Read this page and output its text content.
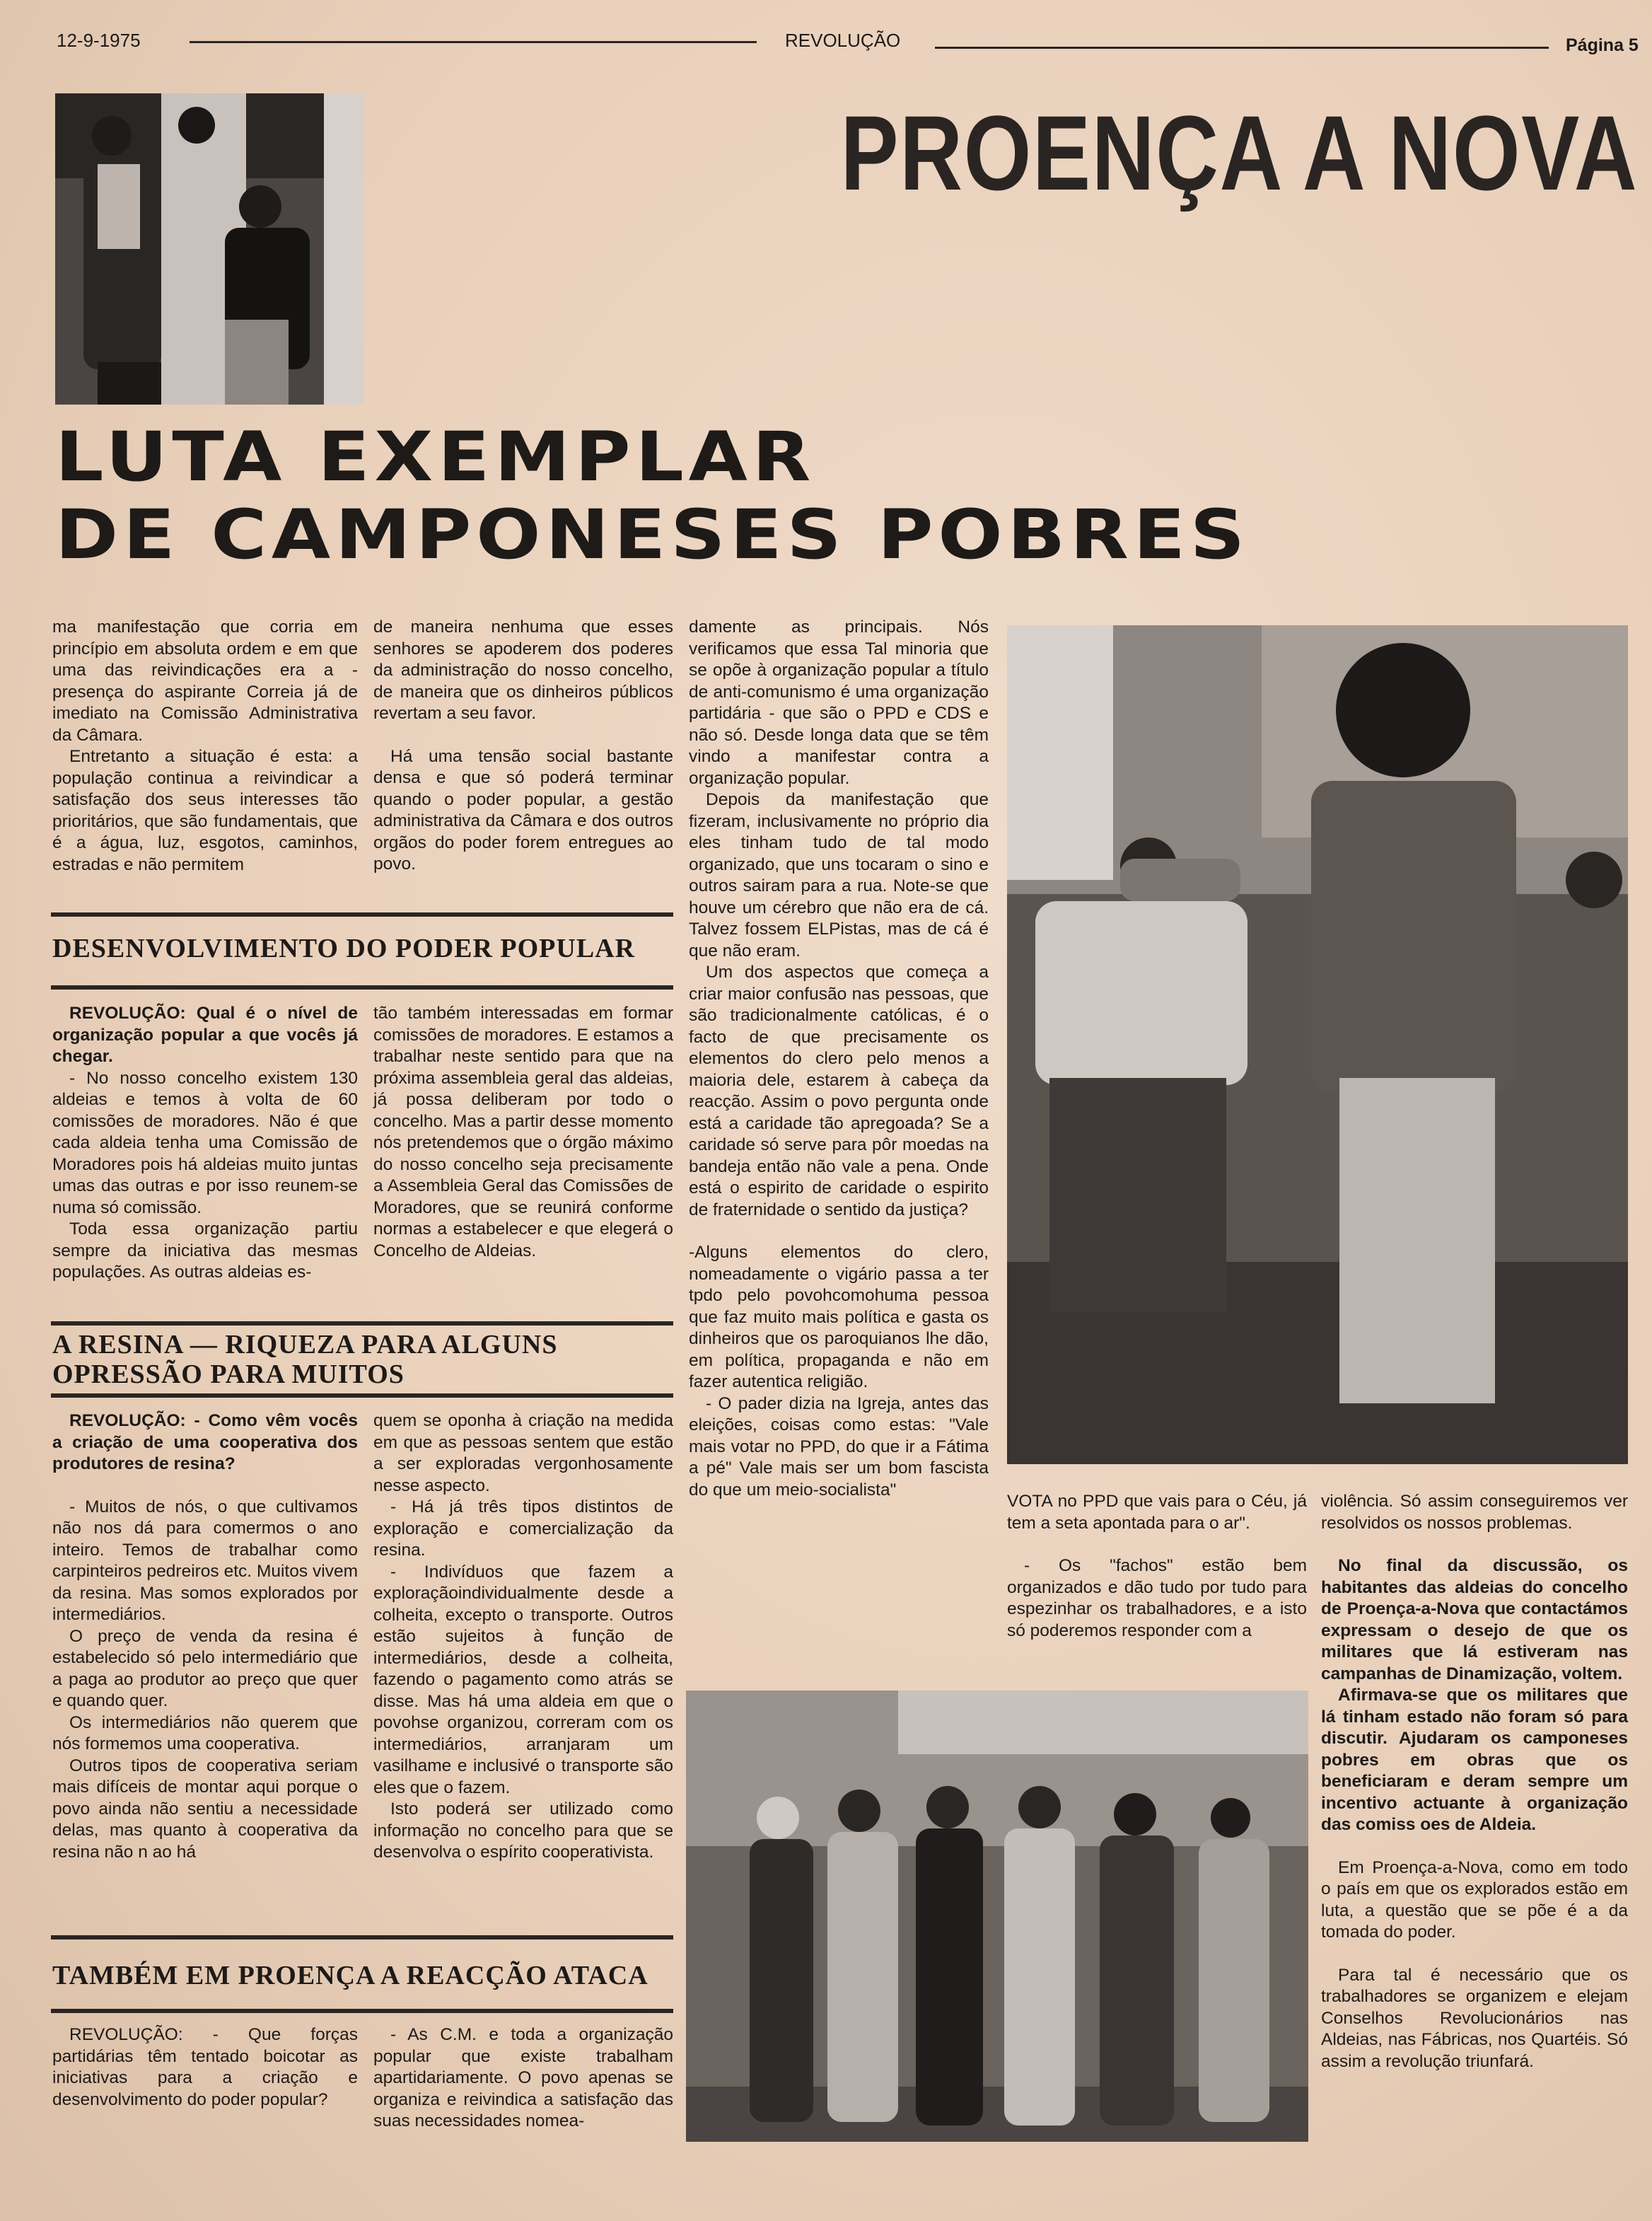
12-9-1975	REVOLUÇÃO	Página 5
PROENÇA A NOVA
LUTA EXEMPLAR
DE CAMPONESES POBRES

ma manifestação que corria em princípio em absoluta ordem e em que uma das reivindicações era a - presença do aspirante Correia já de imediato na Comissão Administrativa da Câmara.

Entretanto a situação é esta: a população continua a reivindicar a satisfação dos seus interesses tão prioritários, que são fundamentais, que é a água, luz, esgotos, caminhos, estradas e não permitem

de maneira nenhuma que esses senhores se apoderem dos poderes da administração do nosso concelho, de maneira que os dinheiros públicos revertam a seu favor.

Há uma tensão social bastante densa e que só poderá terminar quando o poder popular, a gestão administrativa da Câmara e dos outros orgãos do poder forem entregues ao povo.

DESENVOLVIMENTO DO PODER POPULAR

REVOLUÇÃO: Qual é o nível de organização popular a que vocês já chegar.

- No nosso concelho existem 130 aldeias e temos à volta de 60 comissões de moradores. Não é que cada aldeia tenha uma Comissão de Moradores pois há aldeias muito juntas umas das outras e por isso reunem-se numa só comissão.

Toda essa organização partiu sempre da iniciativa das mesmas populações. As outras aldeias es-

tão também interessadas em formar comissões de moradores. E estamos a trabalhar neste sentido para que na próxima assembleia geral das aldeias, já possa deliberam por todo o concelho. Mas a partir desse momento nós pretendemos que o órgão máximo do nosso concelho seja precisamente a Assembleia Geral das Comissões de Moradores, que se reunirá conforme normas a estabelecer e que elegerá o Concelho de Aldeias.

A RESINA — RIQUEZA PARA ALGUNS
OPRESSÃO PARA MUITOS

REVOLUÇÃO: - Como vêm vocês a criação de uma cooperativa dos produtores de resina?

- Muitos de nós, o que cultivamos não nos dá para comermos o ano inteiro. Temos de trabalhar como carpinteiros pedreiros etc. Muitos vivem da resina. Mas somos explorados por intermediários.

O preço de venda da resina é estabelecido só pelo intermediário que a paga ao produtor ao preço que quer e quando quer.

Os intermediários não querem que nós formemos uma cooperativa.

Outros tipos de cooperativa seriam mais difíceis de montar aqui porque o povo ainda não sentiu a necessidade delas, mas quanto à cooperativa da resina não n ao há

quem se oponha à criação na medida em que as pessoas sentem que estão a ser exploradas vergonhosamente nesse aspecto.

- Há já três tipos distintos de exploração e comercialização da resina.

- Indivíduos que fazem a exploraçãoindividualmente desde a colheita, excepto o transporte. Outros estão sujeitos à função de intermediários, desde a colheita, fazendo o pagamento como atrás se disse. Mas há uma aldeia em que o povohse organizou, correram com os intermediários, arranjaram um vasilhame e inclusivé o transporte são eles que o fazem.

Isto poderá ser utilizado como informação no concelho para que se desenvolva o espírito cooperativista.

TAMBÉM EM PROENÇA A REACÇÃO ATACA

REVOLUÇÃO: - Que forças partidárias têm tentado boicotar as iniciativas para a criação e desenvolvimento do poder popular?

- As C.M. e toda a organização popular que existe trabalham apartidariamente. O povo apenas se organiza e reivindica a satisfação das suas necessidades nomea-

damente as principais. Nós verificamos que essa Tal minoria que se opõe à organização popular a título de anti-comunismo é uma organização partidária - que são o PPD e CDS e não só. Desde longa data que se têm vindo a manifestar contra a organização popular.

Depois da manifestação que fizeram, inclusivamente no próprio dia eles tinham tudo de tal modo organizado, que uns tocaram o sino e outros sairam para a rua. Note-se que houve um cérebro que não era de cá. Talvez fossem ELPistas, mas de cá é que não eram.

Um dos aspectos que começa a criar maior confusão nas pessoas, que são tradicionalmente católicas, é o facto de que precisamente os elementos do clero pelo menos a maioria dele, estarem à cabeça da reacção. Assim o povo pergunta onde está a caridade tão apregoada? Se a caridade só serve para pôr moedas na bandeja então não vale a pena. Onde está o espirito de caridade o espirito de fraternidade o sentido da justiça?

-Alguns elementos do clero, nomeadamente o vigário passa a ter tpdo pelo povohcomohuma pessoa que faz muito mais política e gasta os dinheiros que os paroquianos lhe dão, em política, propaganda e não em fazer autentica religião.

- O pader dizia na Igreja, antes das eleições, coisas como estas: "Vale mais votar no PPD, do que ir a Fátima a pé" Vale mais ser um bom fascista do que um meio-socialista"

VOTA no PPD que vais para o Céu, já tem a seta apontada para o ar".

- Os "fachos" estão bem organizados e dão tudo por tudo para espezinhar os trabalhadores, e a isto só poderemos responder com a

violência. Só assim conseguiremos ver resolvidos os nossos problemas.

No final da discussão, os habitantes das aldeias do concelho de Proença-a-Nova que contactámos expressam o desejo de que os militares que lá estiveram nas campanhas de Dinamização, voltem.

Afirmava-se que os militares que lá tinham estado não foram só para discutir. Ajudaram os camponeses pobres em obras que os beneficiaram e deram sempre um incentivo actuante à organização das comiss oes de Aldeia.

Em Proença-a-Nova, como em todo o país em que os explorados estão em luta, a questão que se põe é a da tomada do poder.

Para tal é necessário que os trabalhadores se organizem e elejam Conselhos Revolucionários nas Aldeias, nas Fábricas, nos Quartéis. Só assim a revolução triunfará.
